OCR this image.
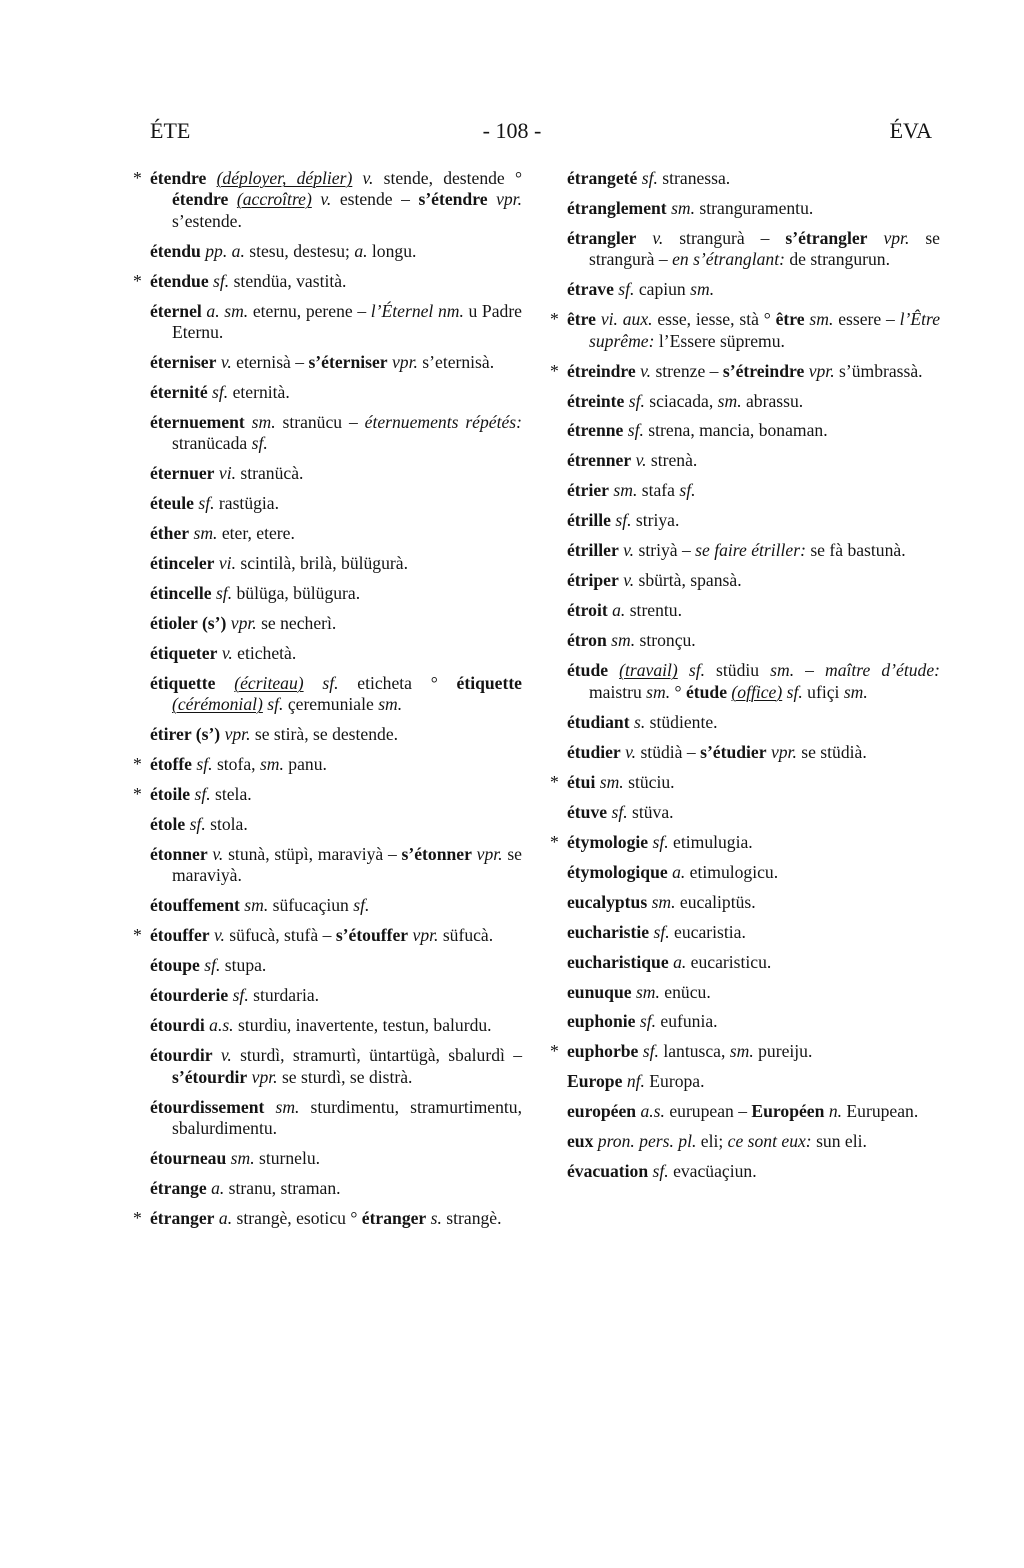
ÉTE	- 108 -	ÉVA
* étendre (déployer, déplier) v. stende, destende ° étendre (accroître) v. estende – s’étendre vpr. s’estende.
étendu pp. a. stesu, destesu; a. longu.
* étendue sf. stendüa, vastità.
éternel a. sm. eternu, perene – l’Éternel nm. u Padre Eternu.
éterniser v. eternisà – s’éterniser vpr. s’eternisà.
éternité sf. eternità.
éternuement sm. stranücu – éternuements répétés: stranücada sf.
éternuer vi. stranücà.
éteule sf. rastügia.
éther sm. eter, etere.
étinceler vi. scintilà, brilà, bülügurà.
étincelle sf. bülüga, bülügura.
étioler (s’) vpr. se necherì.
étiqueter v. etichetà.
étiquette (écriteau) sf. eticheta ° étiquette (cérémonial) sf. çeremuniale sm.
étirer (s’) vpr. se stirà, se destende.
* étoffe sf. stofa, sm. panu.
* étoile sf. stela.
étole sf. stola.
étonner v. stunà, stüpì, maraviyà – s’étonner vpr. se maraviyà.
étouffement sm. süfucaçiun sf.
* étouffer v. süfucà, stufà – s’étouffer vpr. süfucà.
étoupe sf. stupa.
étourderie sf. sturdaria.
étourdi a.s. sturdiu, inavertente, testun, balurdu.
étourdir v. sturdì, stramurtì, üntartügà, sbalurdì – s’étourdir vpr. se sturdì, se distrà.
étourdissement sm. sturdimentu, stramurtimentu, sbalurdimentu.
étourneau sm. sturnelu.
étrange a. stranu, straman.
* étranger a. strangè, esoticu ° étranger s. strangè.
étrangeté sf. stranessa.
étranglement sm. stranguramentu.
étrangler v. strangurà – s’étrangler vpr. se strangurà – en s’étranglant: de strangurun.
étrave sf. capiun sm.
* être vi. aux. esse, iesse, stà ° être sm. essere – l’Être suprême: l’Essere süpremu.
* étreindre v. strenze – s’étreindre vpr. s’ümbrassà.
étreinte sf. sciacada, sm. abrassu.
étrenne sf. strena, mancia, bonaman.
étrenner v. strenà.
étrier sm. stafa sf.
étrille sf. striya.
étriller v. striyà – se faire étriller: se fà bastunà.
étriper v. sbürtà, spansà.
étroit a. strentu.
étron sm. stronçu.
étude (travail) sf. stüdiu sm. – maître d’étude: maistru sm. ° étude (office) sf. ufiçi sm.
étudiant s. stüdiente.
étudier v. stüdià – s’étudier vpr. se stüdià.
* étui sm. stüciu.
étuve sf. stüva.
* étymologie sf. etimulugia.
étymologique a. etimulogicu.
eucalyptus sm. eucaliptüs.
eucharistie sf. eucaristia.
eucharistique a. eucaristicu.
eunuque sm. enücu.
euphonie sf. eufunia.
* euphorbe sf. lantusca, sm. pureiju.
Europe nf. Europa.
européen a.s. eurupean – Européen n. Eurupean.
eux pron. pers. pl. eli; ce sont eux: sun eli.
évacuation sf. evacüaçiun.
